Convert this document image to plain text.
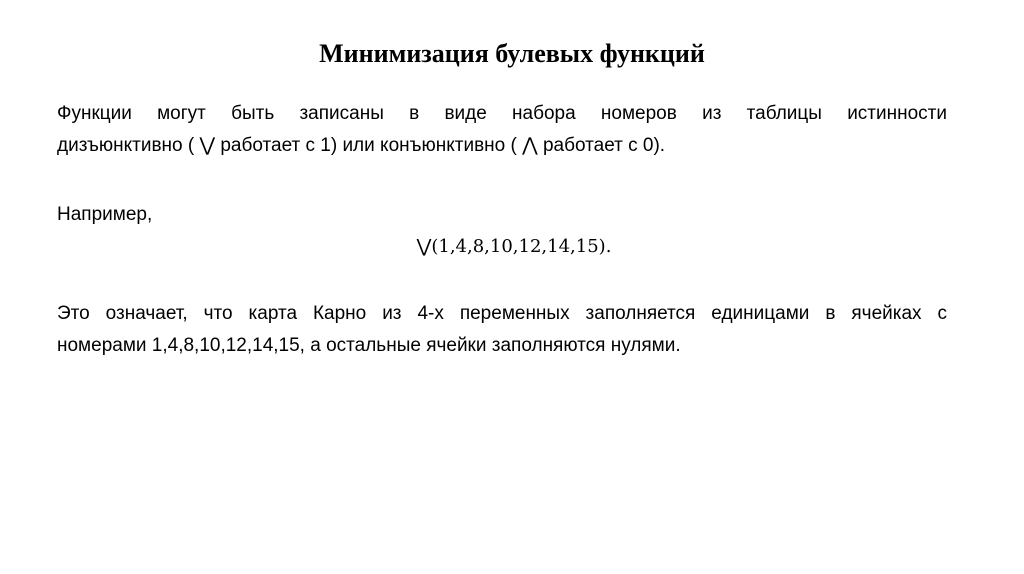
Минимизация булевых функций

Функции могут быть записаны в виде набора номеров из таблицы истинности
дизъюнктивно ( ⋁ работает с 1) или конъюнктивно ( ⋀ работает с 0).

Например,

⋁(1,4,8,10,12,14,15).

Это означает, что карта Карно из 4-х переменных заполняется единицами в ячейках с
номерами 1,4,8,10,12,14,15, а остальные ячейки заполняются нулями.
